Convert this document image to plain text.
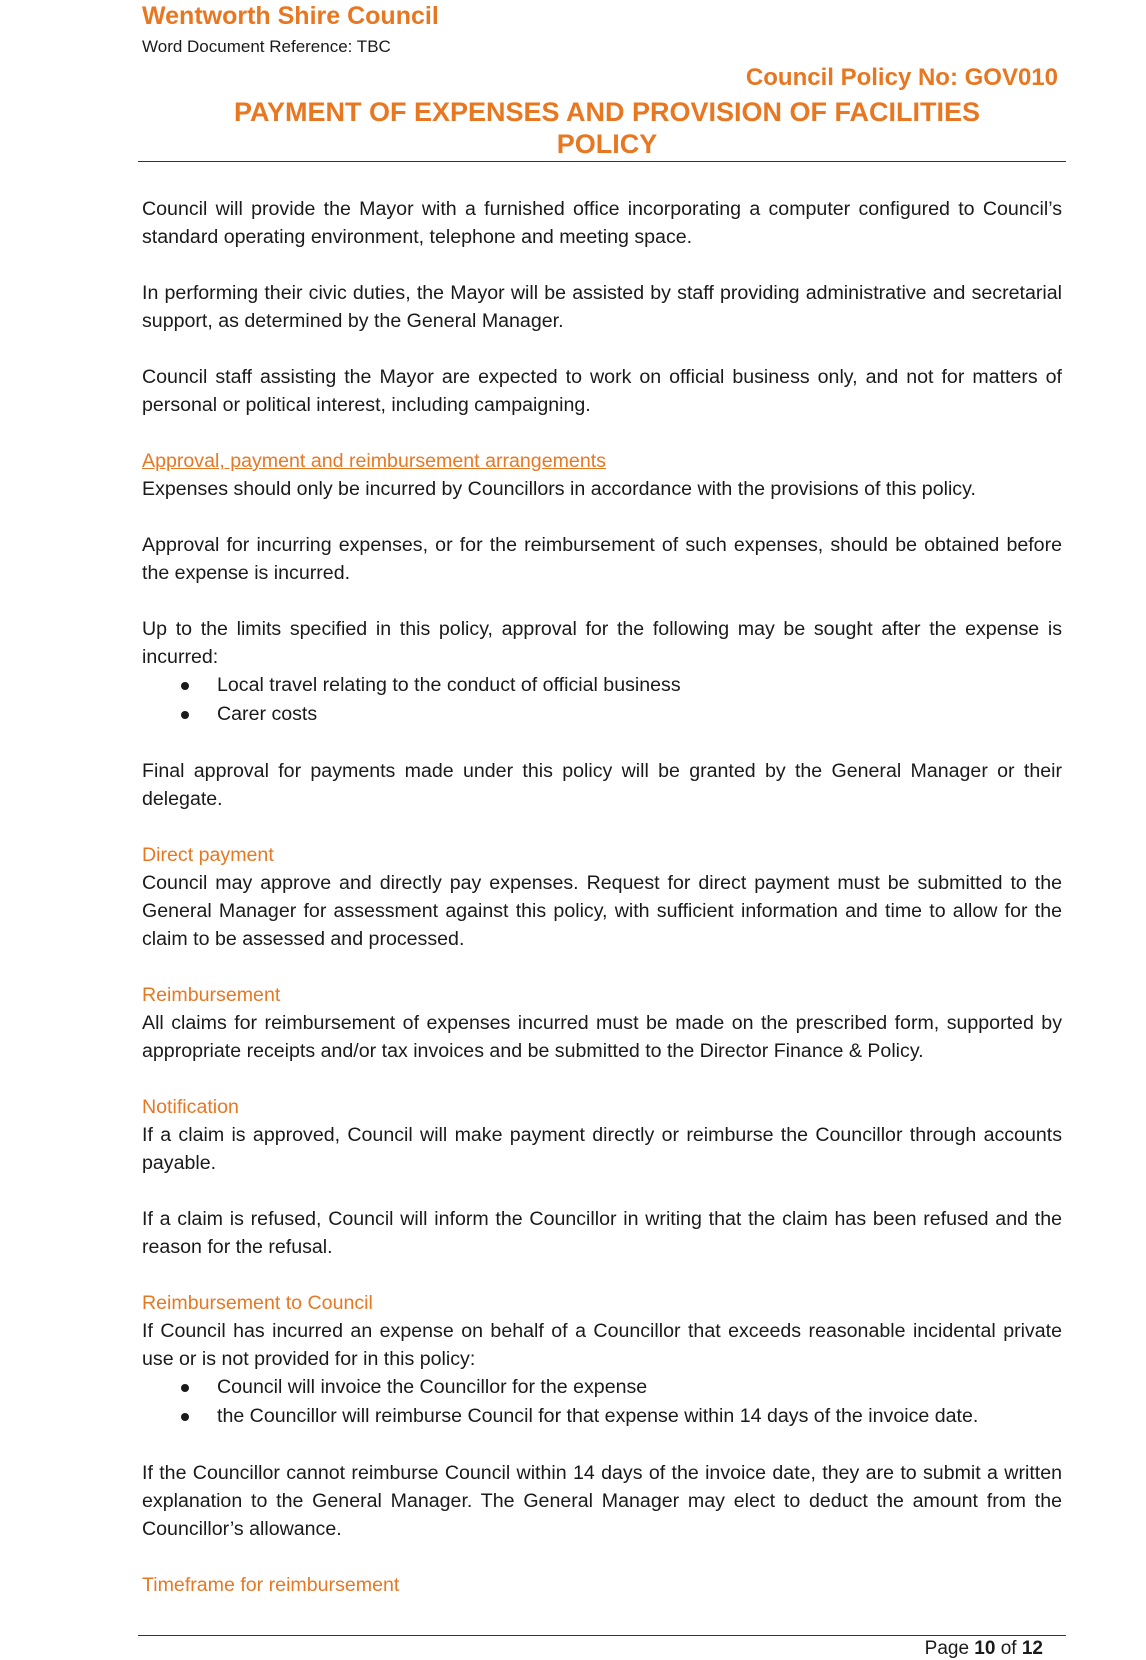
Wentworth Shire Council
Word Document Reference: TBC
Council Policy No: GOV010
PAYMENT OF EXPENSES AND PROVISION OF FACILITIES
POLICY

Council will provide the Mayor with a furnished office incorporating a computer configured to Council’s standard operating environment, telephone and meeting space.

In performing their civic duties, the Mayor will be assisted by staff providing administrative and secretarial support, as determined by the General Manager.

Council staff assisting the Mayor are expected to work on official business only, and not for matters of personal or political interest, including campaigning.

Approval, payment and reimbursement arrangements

Expenses should only be incurred by Councillors in accordance with the provisions of this policy.

Approval for incurring expenses, or for the reimbursement of such expenses, should be obtained before the expense is incurred.

Up to the limits specified in this policy, approval for the following may be sought after the expense is incurred:

Local travel relating to the conduct of official business
Carer costs

Final approval for payments made under this policy will be granted by the General Manager or their delegate.

Direct payment

Council may approve and directly pay expenses. Request for direct payment must be submitted to the General Manager for assessment against this policy, with sufficient information and time to allow for the claim to be assessed and processed.

Reimbursement

All claims for reimbursement of expenses incurred must be made on the prescribed form, supported by appropriate receipts and/or tax invoices and be submitted to the Director Finance & Policy.

Notification

If a claim is approved, Council will make payment directly or reimburse the Councillor through accounts payable.

If a claim is refused, Council will inform the Councillor in writing that the claim has been refused and the reason for the refusal.

Reimbursement to Council

If Council has incurred an expense on behalf of a Councillor that exceeds reasonable incidental private use or is not provided for in this policy:

Council will invoice the Councillor for the expense
the Councillor will reimburse Council for that expense within 14 days of the invoice date.

If the Councillor cannot reimburse Council within 14 days of the invoice date, they are to submit a written explanation to the General Manager. The General Manager may elect to deduct the amount from the Councillor’s allowance.

Timeframe for reimbursement
Page 10 of 12
